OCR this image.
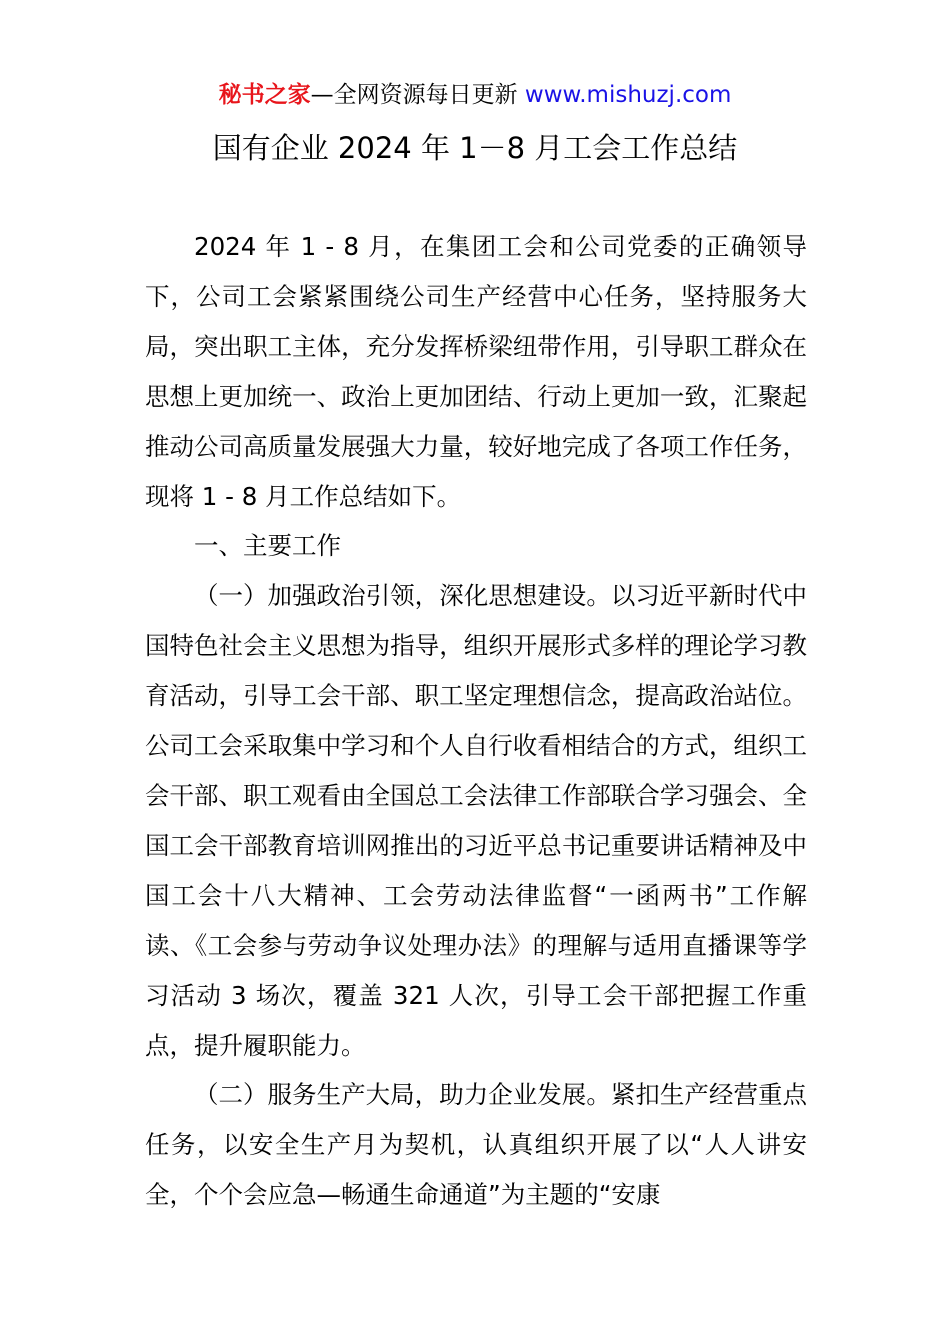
秘书之家—全网资源每日更新 www.mishuzj.com
国有企业 2024 年 1－8 月工会工作总结

2024 年 1 - 8 月，在集团工会和公司党委的正确领导下，公司工会紧紧围绕公司生产经营中心任务，坚持服务大局，突出职工主体，充分发挥桥梁纽带作用，引导职工群众在思想上更加统一、政治上更加团结、行动上更加一致，汇聚起推动公司高质量发展强大力量，较好地完成了各项工作任务，现将 1 - 8 月工作总结如下。

一、主要工作

（一）加强政治引领，深化思想建设。以习近平新时代中国特色社会主义思想为指导，组织开展形式多样的理论学习教育活动，引导工会干部、职工坚定理想信念，提高政治站位。公司工会采取集中学习和个人自行收看相结合的方式，组织工会干部、职工观看由全国总工会法律工作部联合学习强会、全国工会干部教育培训网推出的习近平总书记重要讲话精神及中国工会十八大精神、工会劳动法律监督“一函两书”工作解读、《工会参与劳动争议处理办法》的理解与适用直播课等学习活动 3 场次，覆盖 321 人次，引导工会干部把握工作重点，提升履职能力。

（二）服务生产大局，助力企业发展。紧扣生产经营重点任务，以安全生产月为契机，认真组织开展了以“人人讲安全，个个会应急—畅通生命通道”为主题的“安康
